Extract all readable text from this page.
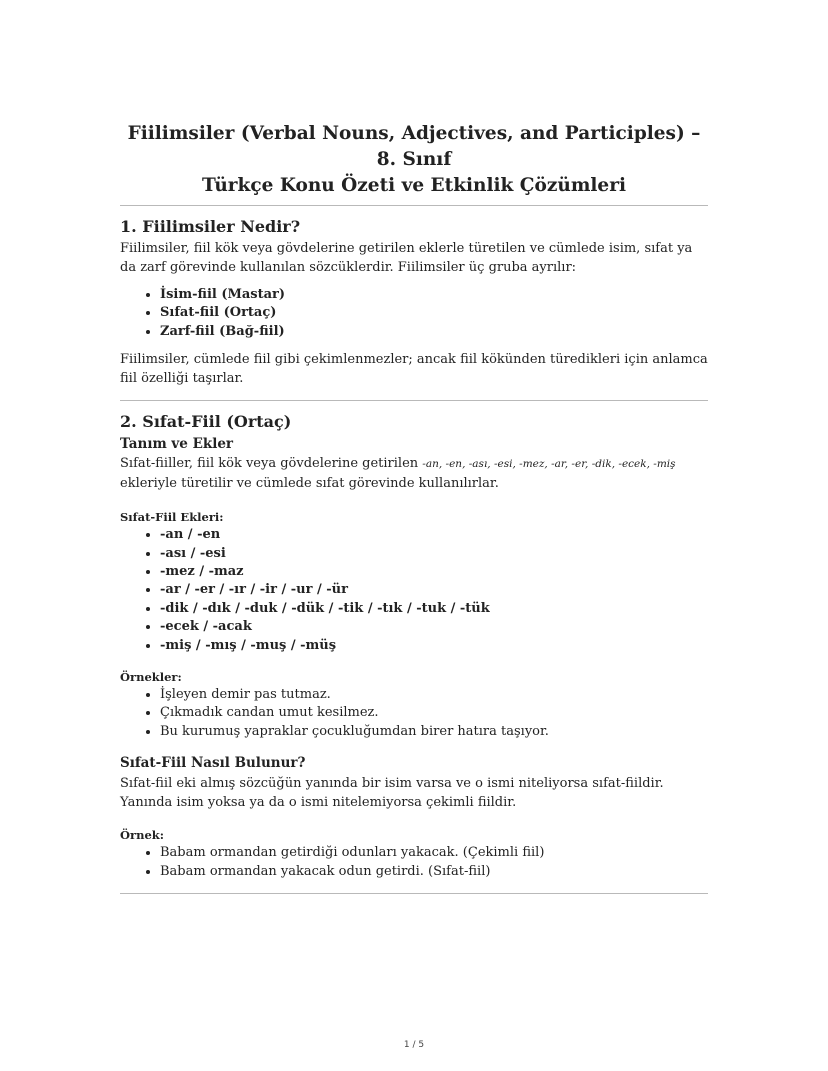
Fiilimsiler (Verbal Nouns, Adjectives, and Participles) – 8. Sınıf
Türkçe Konu Özeti ve Etkinlik Çözümleri
1. Fiilimsiler Nedir?

Fiilimsiler, fiil kök veya gövdelerine getirilen eklerle türetilen ve cümlede isim, sıfat ya da zarf görevinde kullanılan sözcüklerdir. Fiilimsiler üç gruba ayrılır:

• İsim-fiil (Mastar)
• Sıfat-fiil (Ortaç)
• Zarf-fiil (Bağ-fiil)

Fiilimsiler, cümlede fiil gibi çekimlenmezler; ancak fiil kökünden türedikleri için anlamca fiil özelliği taşırlar.

2. Sıfat-Fiil (Ortaç)
Tanım ve Ekler

Sıfat-fiiller, fiil kök veya gövdelerine getirilen -an, -en, -ası, -esi, -mez, -ar, -er, -dik, -ecek, -miş ekleriyle türetilir ve cümlede sıfat görevinde kullanılırlar.

Sıfat-Fiil Ekleri:

• -an / -en
• -ası / -esi
• -mez / -maz
• -ar / -er / -ır / -ir / -ur / -ür
• -dik / -dık / -duk / -dük / -tik / -tık / -tuk / -tük
• -ecek / -acak
• -miş / -mış / -muş / -müş

Örnekler:

• İşleyen demir pas tutmaz.
• Çıkmadık candan umut kesilmez.
• Bu kurumuş yapraklar çocukluğumdan birer hatıra taşıyor.
Sıfat-Fiil Nasıl Bulunur?

Sıfat-fiil eki almış sözcüğün yanında bir isim varsa ve o ismi niteliyorsa sıfat-fiildir. Yanında isim yoksa ya da o ismi nitelemiyorsa çekimli fiildir.

Örnek:

• Babam ormandan getirdiği odunları yakacak. (Çekimli fiil)
• Babam ormandan yakacak odun getirdi. (Sıfat-fiil)
1 / 5
